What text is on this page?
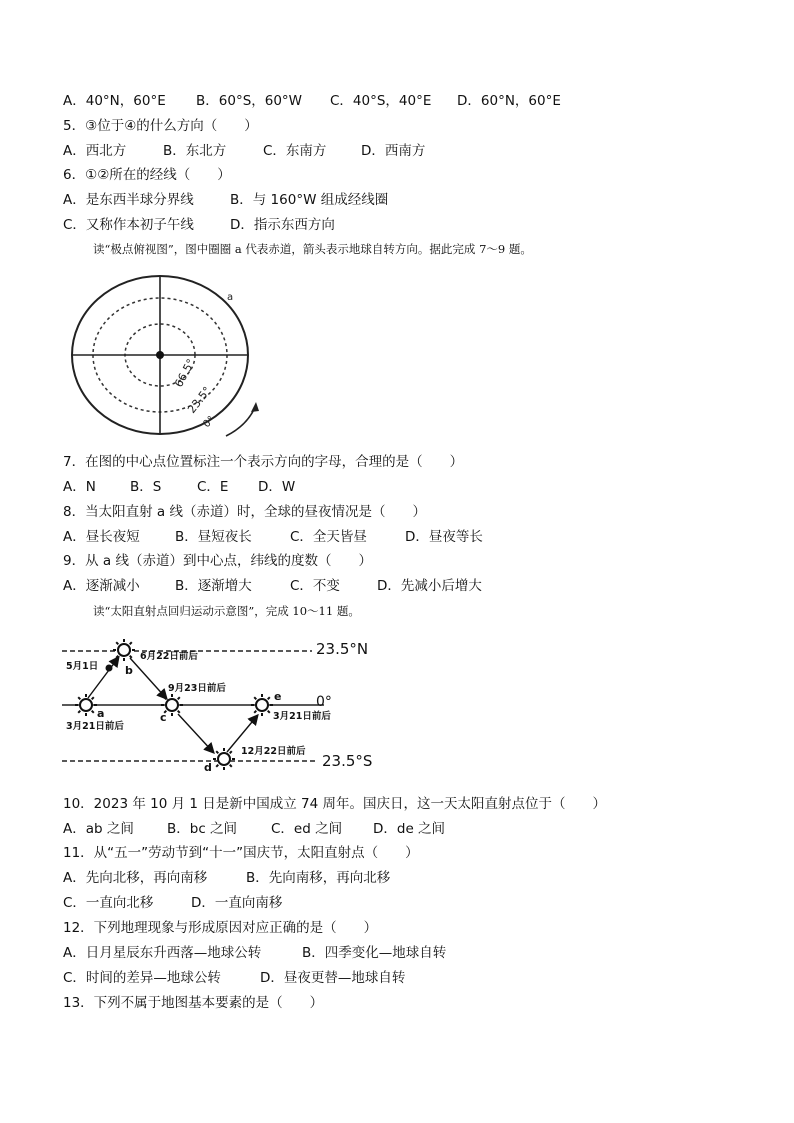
A．40°N，60°E B．60°S，60°W C．40°S，40°E D．60°N，60°E
5．③位于④的什么方向（　　）
A．西北方	B．东北方	C．东南方	D．西南方
6．①②所在的经线（　　）
A．是东西半球分界线	B．与 160°W 组成经线圈
C．又称作本初子午线	D．指示东西方向
读“极点俯视图”，图中圈圈 a 代表赤道，箭头表示地球自转方向。据此完成 7～9 题。
a
66.5°
23.5°
0°
7．在图的中心点位置标注一个表示方向的字母，合理的是（　　）
A．N	B．S	C．E D．W
8．当太阳直射 a 线（赤道）时，全球的昼夜情况是（　　）
A．昼长夜短	B．昼短夜长	C．全天皆昼	D．昼夜等长
9．从 a 线（赤道）到中心点，纬线的度数（　　）
A．逐渐减小	B．逐渐增大	C．不变	D．先减小后增大
读“太阳直射点回归运动示意图”，完成 10～11 题。
23.5°N
0°
23.5°S
5月1日
6月22日前后
9月23日前后
3月21日前后
3月21日前后
12月22日前后
a
b
c
d
e
10．2023 年 10 月 1 日是新中国成立 74 周年。国庆日，这一天太阳直射点位于（　　）
A．ab 之间 B．bc 之间	C．ed 之间 D．de 之间
11．从“五一”劳动节到“十一”国庆节，太阳直射点（　　）
A．先向北移，再向南移	B．先向南移，再向北移
C．一直向北移	D．一直向南移
12．下列地理现象与形成原因对应正确的是（　　）
A．日月星辰东升西落—地球公转	B．四季变化—地球自转
C．时间的差异—地球公转	D．昼夜更替—地球自转
13．下列不属于地图基本要素的是（　　）
